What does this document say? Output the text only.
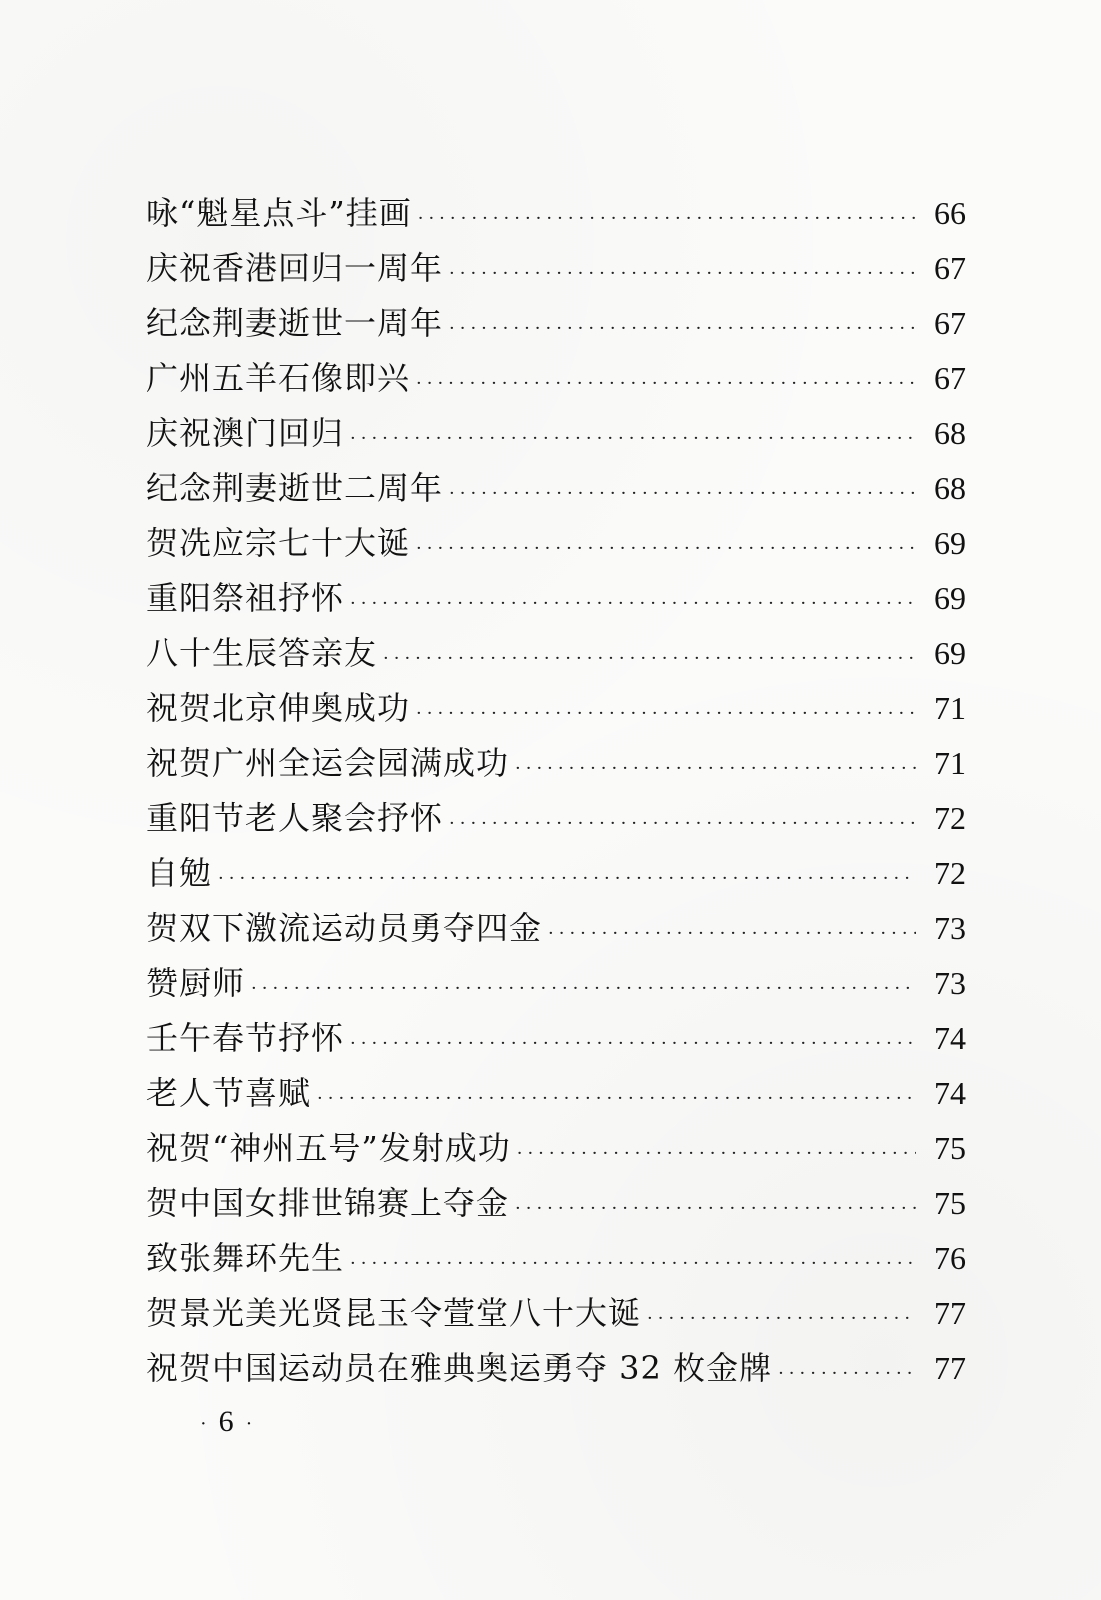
咏“魁星点斗”挂画 ·····	66
庆祝香港回归一周年 ·····	67
纪念荆妻逝世一周年 ·····	67
广州五羊石像即兴 ·····	67
庆祝澳门回归 ·····	68
纪念荆妻逝世二周年 ·····	68
贺冼应宗七十大诞 ·····	69
重阳祭祖抒怀 ·····	69
八十生辰答亲友 ·····	69
祝贺北京伸奥成功 ·····	71
祝贺广州全运会园满成功 ·····	71
重阳节老人聚会抒怀 ·····	72
自勉 ·····	72
贺双下激流运动员勇夺四金 ·····	73
赞厨师 ·····	73
壬午春节抒怀 ·····	74
老人节喜赋 ·····	74
祝贺“神州五号”发射成功 ·····	75
贺中国女排世锦赛上夺金 ·····	75
致张舞环先生 ·····	76
贺景光美光贤昆玉令萱堂八十大诞 ·····	77
祝贺中国运动员在雅典奥运勇夺 32 枚金牌 ·····	77
· 6 ·
